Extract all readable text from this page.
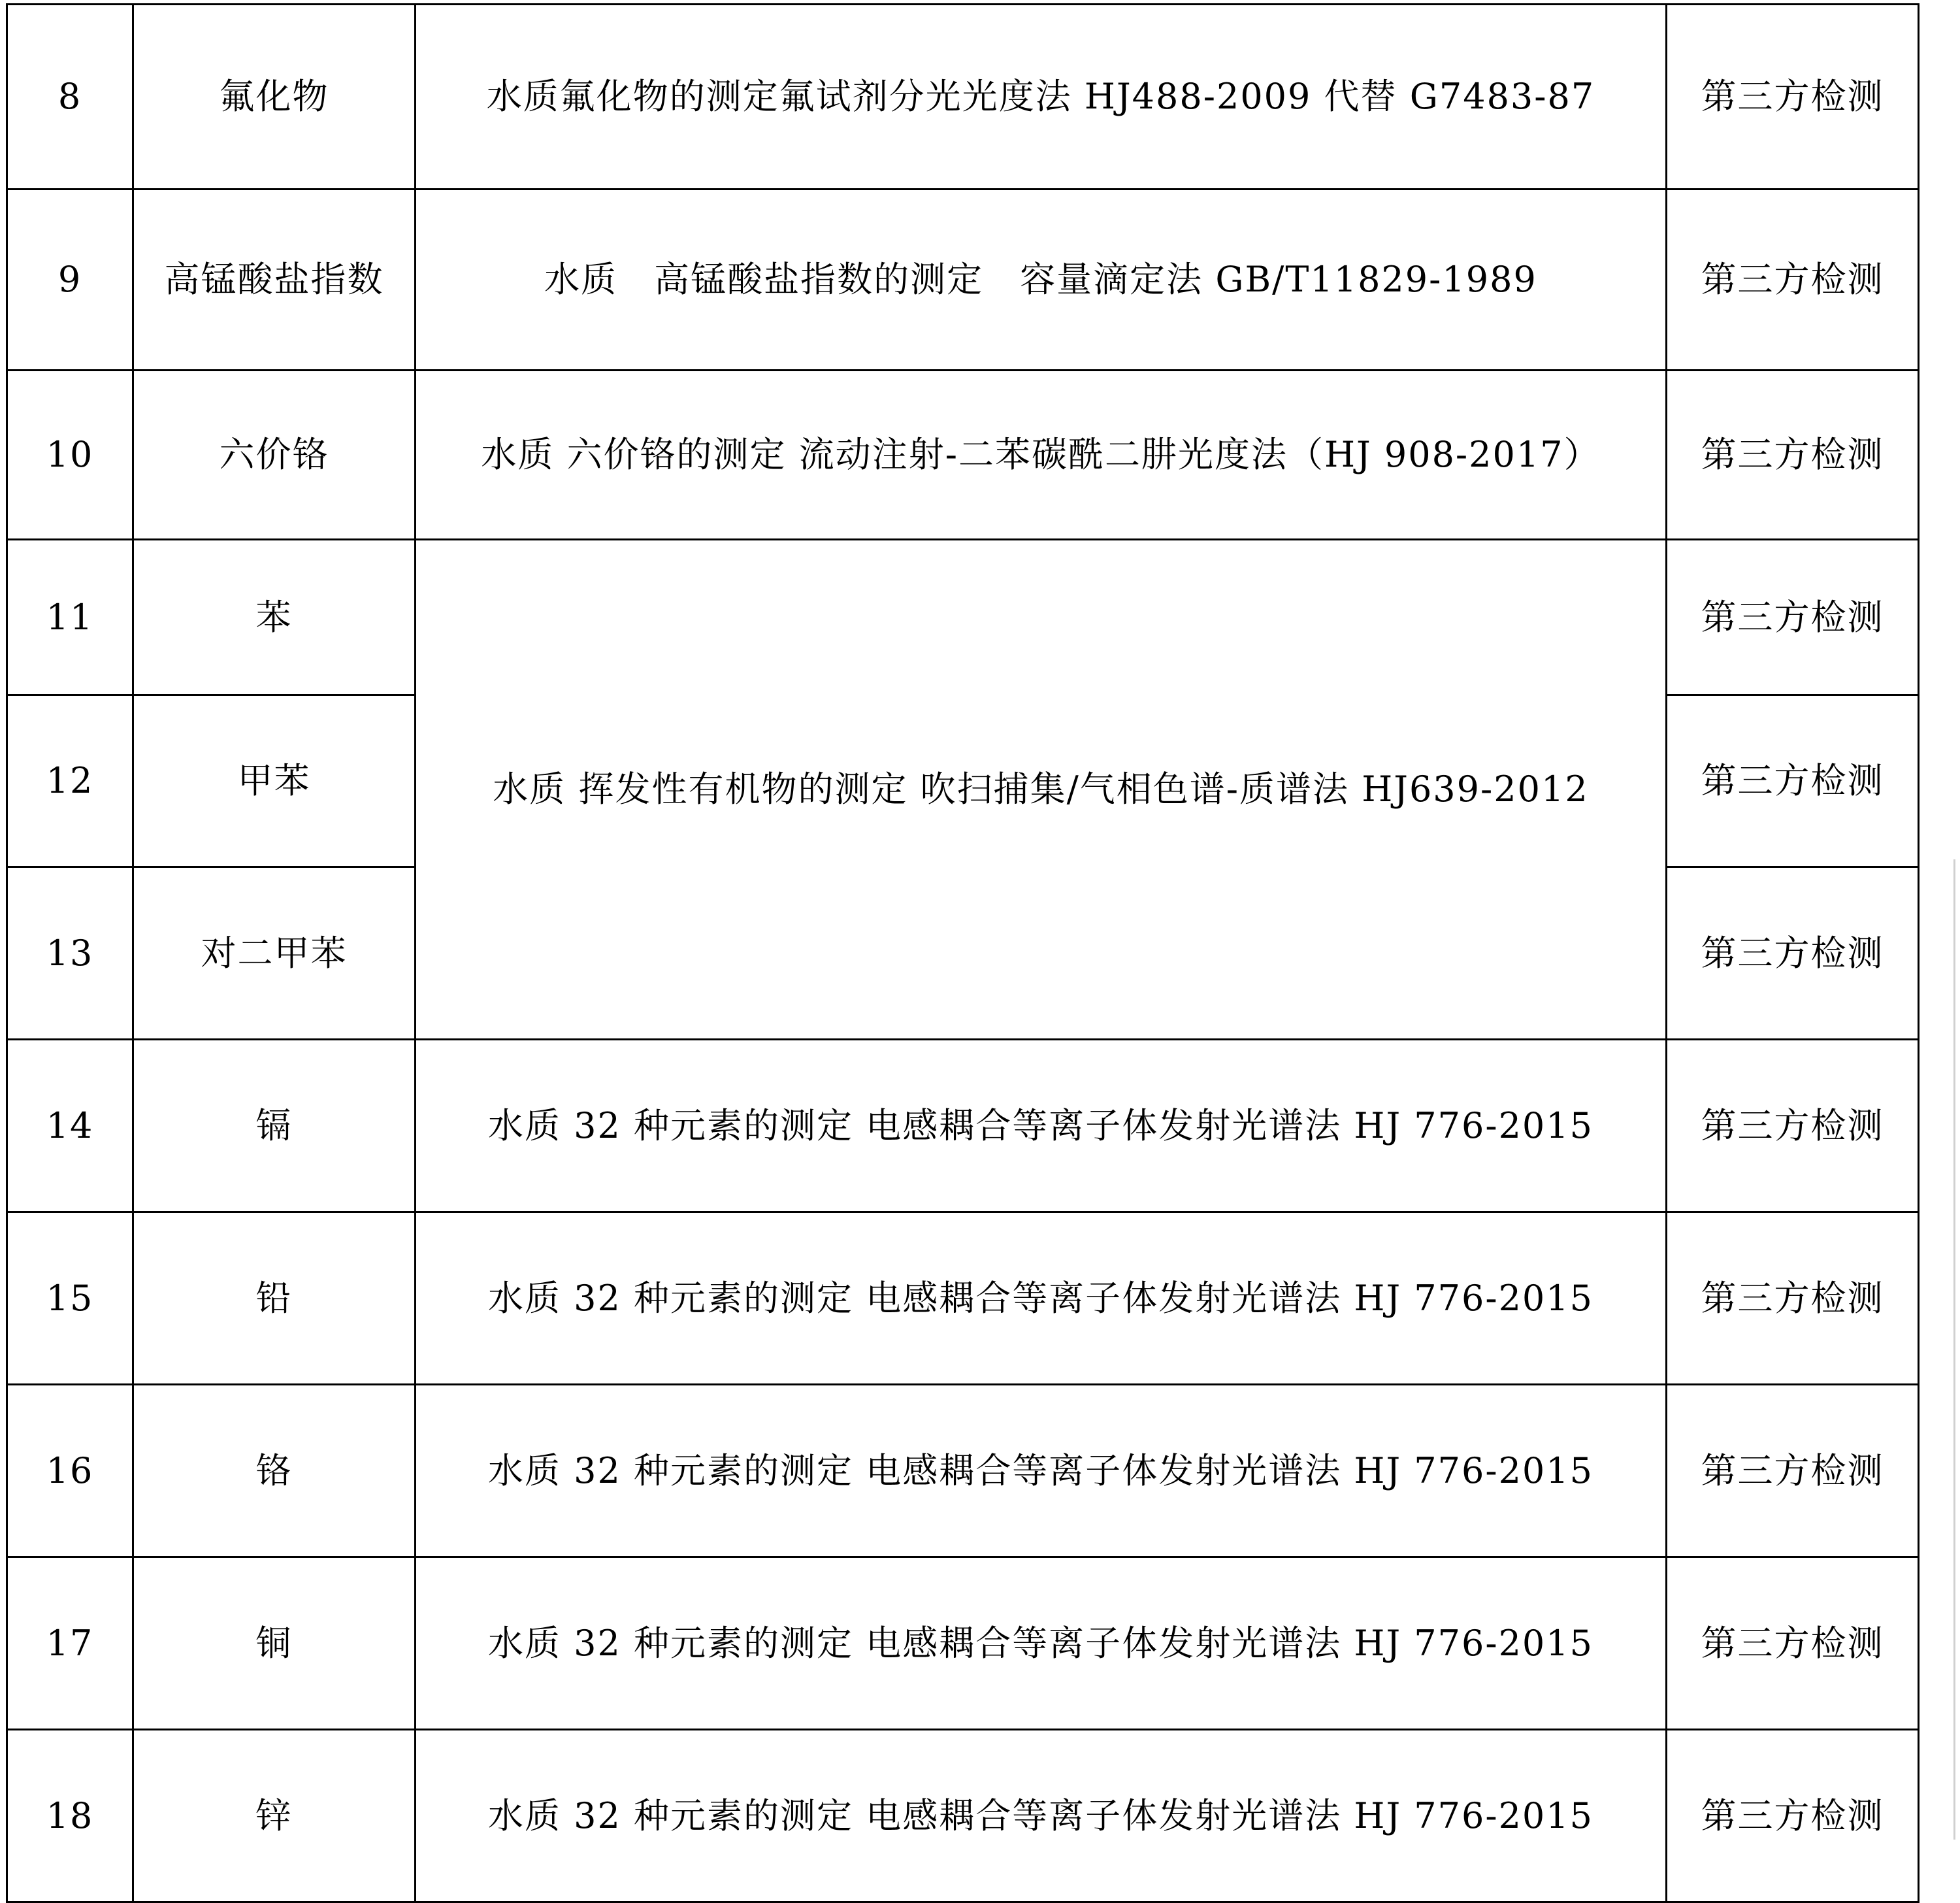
8	氟化物	水质氟化物的测定氟试剂分光光度法 HJ488-2009 代替 G7483-87	第三方检测
9	高锰酸盐指数	水质　高锰酸盐指数的测定　容量滴定法 GB/T11829-1989	第三方检测
10	六价铬	水质 六价铬的测定 流动注射-二苯碳酰二肼光度法（HJ 908-2017）	第三方检测
11	苯	水质 挥发性有机物的测定 吹扫捕集/气相色谱-质谱法 HJ639-2012	第三方检测
12	甲苯		第三方检测
13	对二甲苯		第三方检测
14	镉	水质 32 种元素的测定 电感耦合等离子体发射光谱法 HJ 776-2015	第三方检测
15	铅	水质 32 种元素的测定 电感耦合等离子体发射光谱法 HJ 776-2015	第三方检测
16	铬	水质 32 种元素的测定 电感耦合等离子体发射光谱法 HJ 776-2015	第三方检测
17	铜	水质 32 种元素的测定 电感耦合等离子体发射光谱法 HJ 776-2015	第三方检测
18	锌	水质 32 种元素的测定 电感耦合等离子体发射光谱法 HJ 776-2015	第三方检测
